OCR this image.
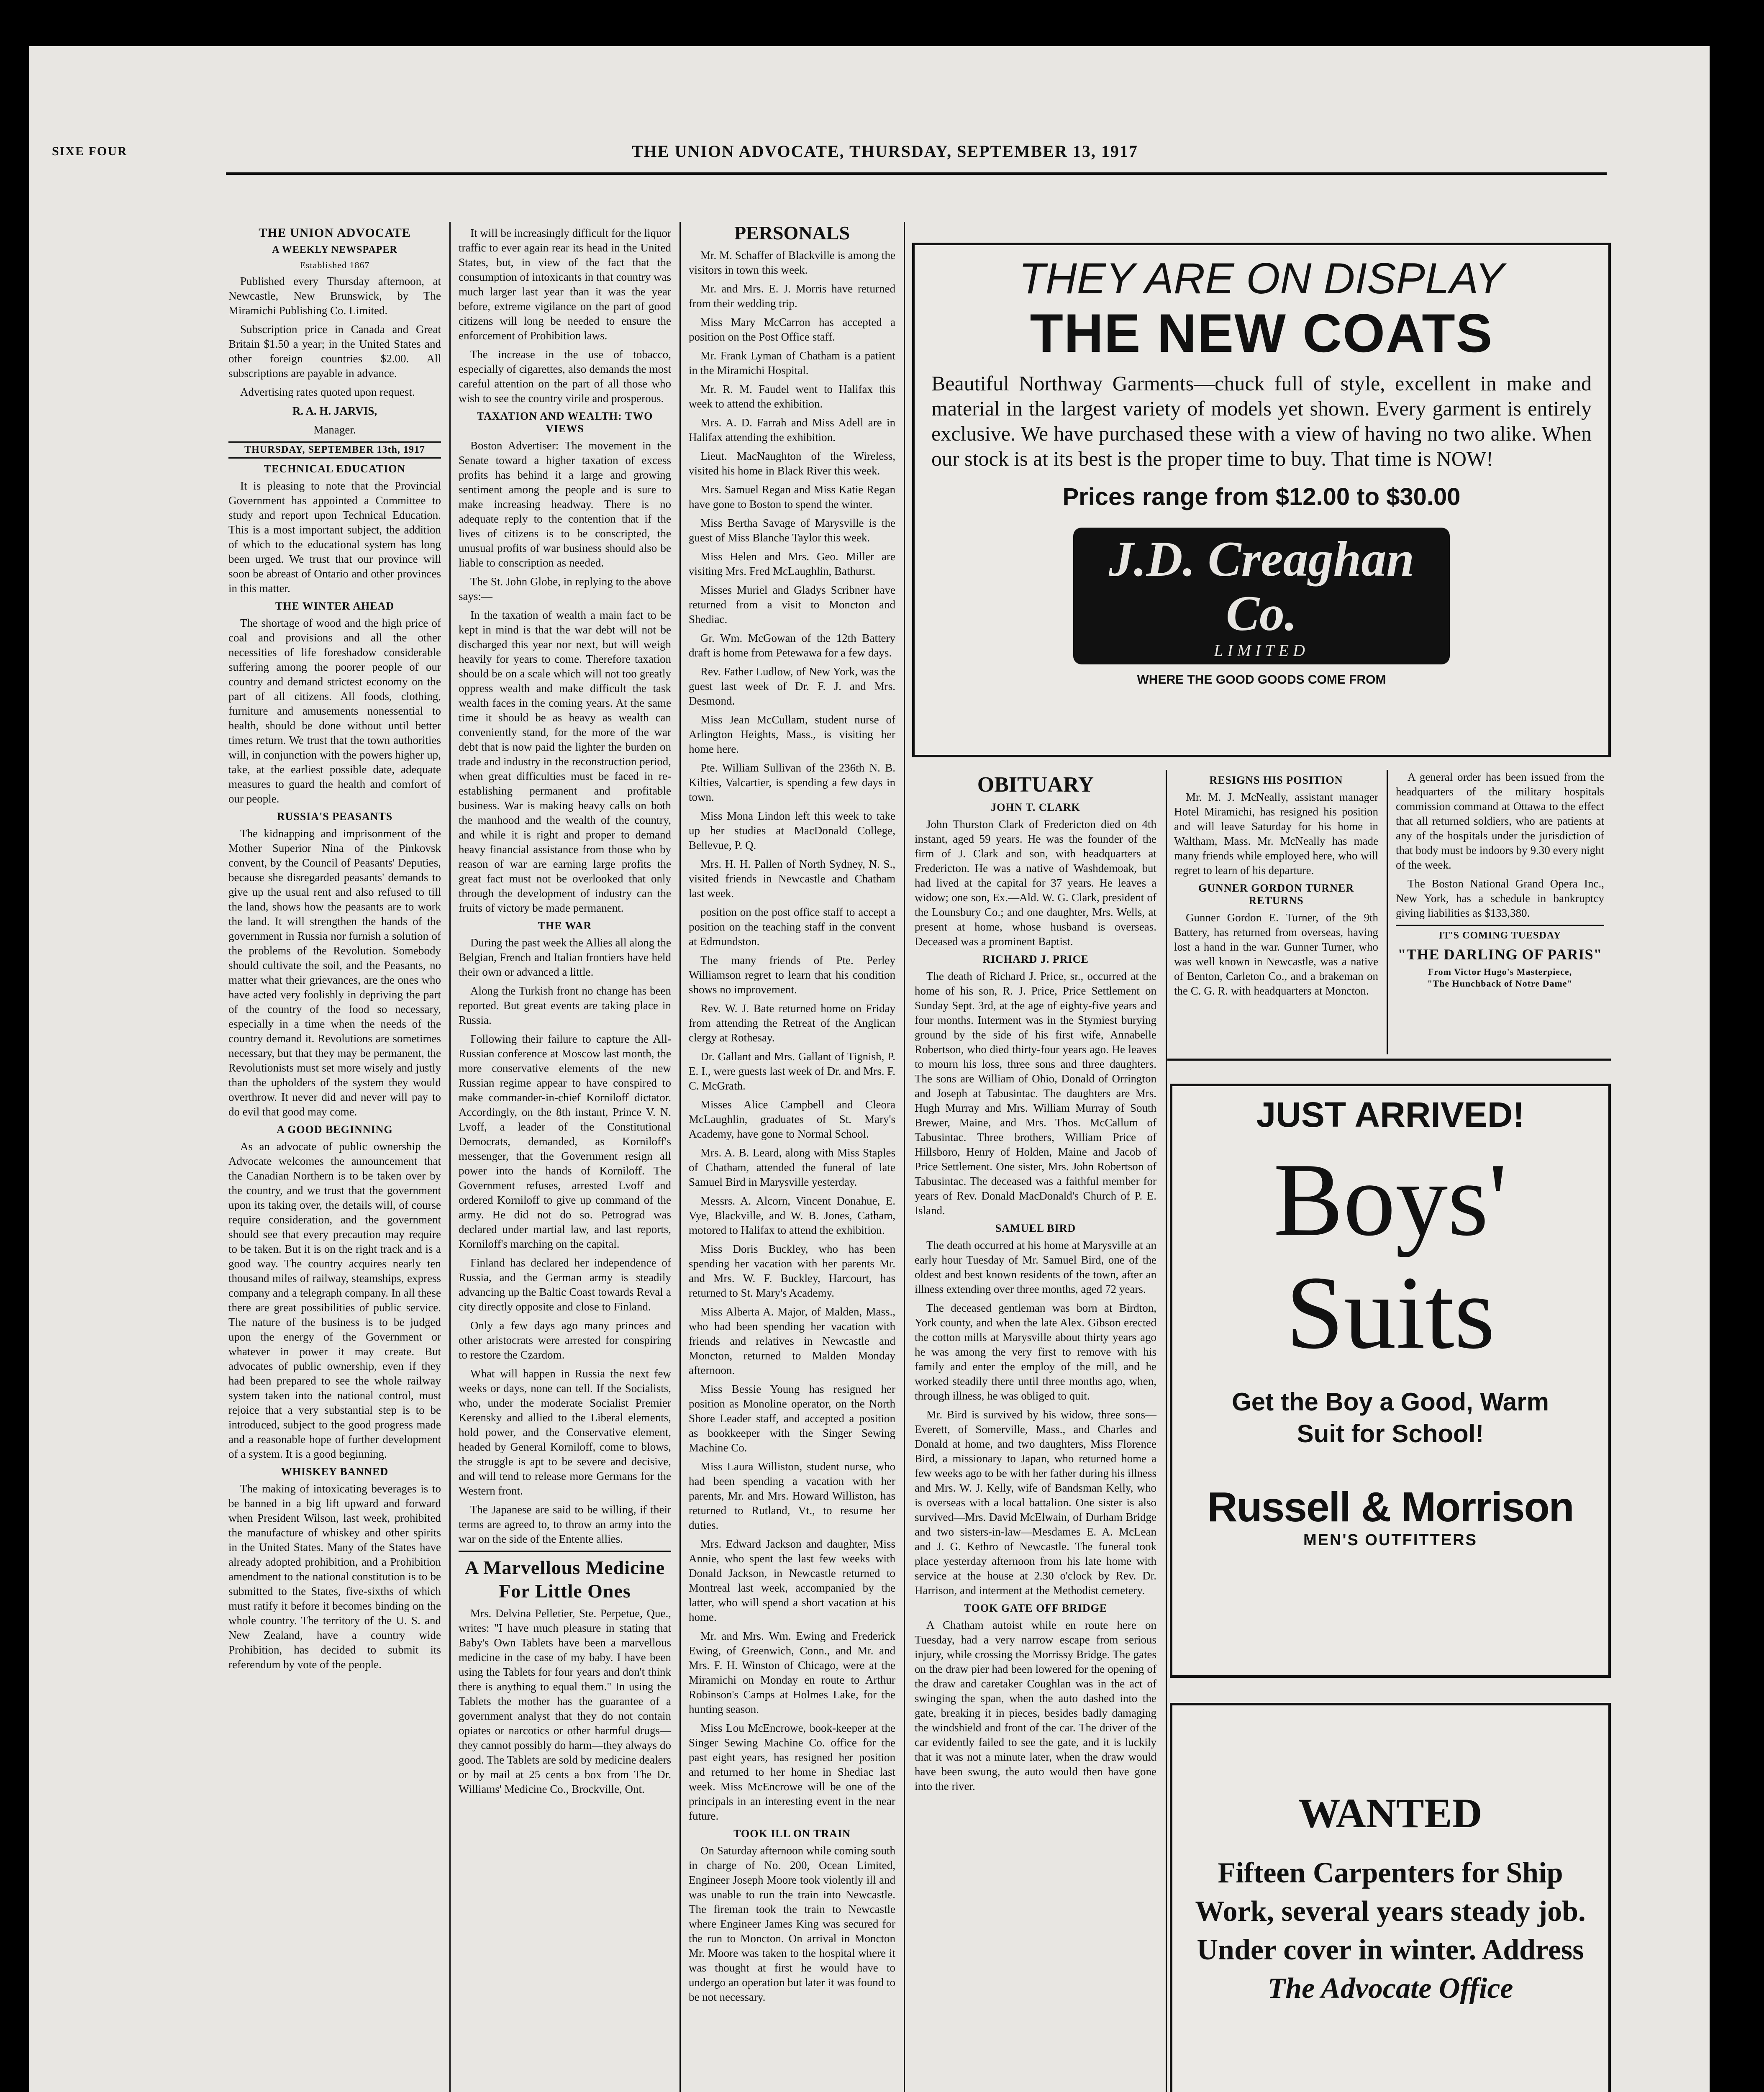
SIXE FOUR	THE UNION ADVOCATE, THURSDAY, SEPTEMBER 13, 1917
THE UNION ADVOCATE
A WEEKLY NEWSPAPER
Established 1867

Published every Thursday afternoon, at Newcastle, New Brunswick, by The Miramichi Publishing Co. Limited.

Subscription price in Canada and Great Britain $1.50 a year; in the United States and other foreign countries $2.00. All subscriptions are payable in advance.

Advertising rates quoted upon request.

R. A. H. JARVIS,

Manager.

THURSDAY, SEPTEMBER 13th, 1917
TECHNICAL EDUCATION

It is pleasing to note that the Provincial Government has appointed a Committee to study and report upon Technical Education. This is a most important subject, the addition of which to the educational system has long been urged. We trust that our province will soon be abreast of Ontario and other provinces in this matter.

THE WINTER AHEAD

The shortage of wood and the high price of coal and provisions and all the other necessities of life foreshadow considerable suffering among the poorer people of our country and demand strictest economy on the part of all citizens. All foods, clothing, furniture and amusements nonessential to health, should be done without until better times return. We trust that the town authorities will, in conjunction with the powers higher up, take, at the earliest possible date, adequate measures to guard the health and comfort of our people.

RUSSIA'S PEASANTS

The kidnapping and imprisonment of the Mother Superior Nina of the Pinkovsk convent, by the Council of Peasants' Deputies, because she disregarded peasants' demands to give up the usual rent and also refused to till the land, shows how the peasants are to work the land. It will strengthen the hands of the government in Russia nor furnish a solution of the problems of the Revolution. Somebody should cultivate the soil, and the Peasants, no matter what their grievances, are the ones who have acted very foolishly in depriving the part of the country of the food so necessary, especially in a time when the needs of the country demand it. Revolutions are sometimes necessary, but that they may be permanent, the Revolutionists must set more wisely and justly than the upholders of the system they would overthrow. It never did and never will pay to do evil that good may come.

A GOOD BEGINNING

As an advocate of public ownership the Advocate welcomes the announcement that the Canadian Northern is to be taken over by the country, and we trust that the government upon its taking over, the details will, of course require consideration, and the government should see that every precaution may require to be taken. But it is on the right track and is a good way. The country acquires nearly ten thousand miles of railway, steamships, express company and a telegraph company. In all these there are great possibilities of public service. The nature of the business is to be judged upon the energy of the Government or whatever in power it may create. But advocates of public ownership, even if they had been prepared to see the whole railway system taken into the national control, must rejoice that a very substantial step is to be introduced, subject to the good progress made and a reasonable hope of further development of a system. It is a good beginning.

WHISKEY BANNED

The making of intoxicating beverages is to be banned in a big lift upward and forward when President Wilson, last week, prohibited the manufacture of whiskey and other spirits in the United States. Many of the States have already adopted prohibition, and a Prohibition amendment to the national constitution is to be submitted to the States, five-sixths of which must ratify it before it becomes binding on the whole country. The territory of the U. S. and New Zealand, have a country wide Prohibition, has decided to submit its referendum by vote of the people.

It will be increasingly difficult for the liquor traffic to ever again rear its head in the United States, but, in view of the fact that the consumption of intoxicants in that country was much larger last year than it was the year before, extreme vigilance on the part of good citizens will long be needed to ensure the enforcement of Prohibition laws.

The increase in the use of tobacco, especially of cigarettes, also demands the most careful attention on the part of all those who wish to see the country virile and prosperous.

TAXATION AND WEALTH: TWO VIEWS

Boston Advertiser: The movement in the Senate toward a higher taxation of excess profits has behind it a large and growing sentiment among the people and is sure to make increasing headway. There is no adequate reply to the contention that if the lives of citizens is to be conscripted, the unusual profits of war business should also be liable to conscription as needed.

The St. John Globe, in replying to the above says:—

In the taxation of wealth a main fact to be kept in mind is that the war debt will not be discharged this year nor next, but will weigh heavily for years to come. Therefore taxation should be on a scale which will not too greatly oppress wealth and make difficult the task wealth faces in the coming years. At the same time it should be as heavy as wealth can conveniently stand, for the more of the war debt that is now paid the lighter the burden on trade and industry in the reconstruction period, when great difficulties must be faced in re-establishing permanent and profitable business. War is making heavy calls on both the manhood and the wealth of the country, and while it is right and proper to demand heavy financial assistance from those who by reason of war are earning large profits the great fact must not be overlooked that only through the development of industry can the fruits of victory be made permanent.

THE WAR

During the past week the Allies all along the Belgian, French and Italian frontiers have held their own or advanced a little.

Along the Turkish front no change has been reported. But great events are taking place in Russia.

Following their failure to capture the All-Russian conference at Moscow last month, the more conservative elements of the new Russian regime appear to have conspired to make commander-in-chief Korniloff dictator. Accordingly, on the 8th instant, Prince V. N. Lvoff, a leader of the Constitutional Democrats, demanded, as Korniloff's messenger, that the Government resign all power into the hands of Korniloff. The Government refuses, arrested Lvoff and ordered Korniloff to give up command of the army. He did not do so. Petrograd was declared under martial law, and last reports, Korniloff's marching on the capital.

Finland has declared her independence of Russia, and the German army is steadily advancing up the Baltic Coast towards Reval a city directly opposite and close to Finland.

Only a few days ago many princes and other aristocrats were arrested for conspiring to restore the Czardom.

What will happen in Russia the next few weeks or days, none can tell. If the Socialists, who, under the moderate Socialist Premier Kerensky and allied to the Liberal elements, hold power, and the Conservative element, headed by General Korniloff, come to blows, the struggle is apt to be severe and decisive, and will tend to release more Germans for the Western front.

The Japanese are said to be willing, if their terms are agreed to, to throw an army into the war on the side of the Entente allies.

A Marvellous Medicine For Little Ones

Mrs. Delvina Pelletier, Ste. Perpetue, Que., writes: "I have much pleasure in stating that Baby's Own Tablets have been a marvellous medicine in the case of my baby. I have been using the Tablets for four years and don't think there is anything to equal them." In using the Tablets the mother has the guarantee of a government analyst that they do not contain opiates or narcotics or other harmful drugs—they cannot possibly do harm—they always do good. The Tablets are sold by medicine dealers or by mail at 25 cents a box from The Dr. Williams' Medicine Co., Brockville, Ont.

PERSONALS

Mr. M. Schaffer of Blackville is among the visitors in town this week.

Mr. and Mrs. E. J. Morris have returned from their wedding trip.

Miss Mary McCarron has accepted a position on the Post Office staff.

Mr. Frank Lyman of Chatham is a patient in the Miramichi Hospital.

Mr. R. M. Faudel went to Halifax this week to attend the exhibition.

Mrs. A. D. Farrah and Miss Adell are in Halifax attending the exhibition.

Lieut. MacNaughton of the Wireless, visited his home in Black River this week.

Mrs. Samuel Regan and Miss Katie Regan have gone to Boston to spend the winter.

Miss Bertha Savage of Marysville is the guest of Miss Blanche Taylor this week.

Miss Helen and Mrs. Geo. Miller are visiting Mrs. Fred McLaughlin, Bathurst.

Misses Muriel and Gladys Scribner have returned from a visit to Moncton and Shediac.

Gr. Wm. McGowan of the 12th Battery draft is home from Petewawa for a few days.

Rev. Father Ludlow, of New York, was the guest last week of Dr. F. J. and Mrs. Desmond.

Miss Jean McCullam, student nurse of Arlington Heights, Mass., is visiting her home here.

Pte. William Sullivan of the 236th N. B. Kilties, Valcartier, is spending a few days in town.

Miss Mona Lindon left this week to take up her studies at MacDonald College, Bellevue, P. Q.

Mrs. H. H. Pallen of North Sydney, N. S., visited friends in Newcastle and Chatham last week.

position on the post office staff to accept a position on the teaching staff in the convent at Edmundston.

The many friends of Pte. Perley Williamson regret to learn that his condition shows no improvement.

Rev. W. J. Bate returned home on Friday from attending the Retreat of the Anglican clergy at Rothesay.

Dr. Gallant and Mrs. Gallant of Tignish, P. E. I., were guests last week of Dr. and Mrs. F. C. McGrath.

Misses Alice Campbell and Cleora McLaughlin, graduates of St. Mary's Academy, have gone to Normal School.

Mrs. A. B. Leard, along with Miss Staples of Chatham, attended the funeral of late Samuel Bird in Marysville yesterday.

Messrs. A. Alcorn, Vincent Donahue, E. Vye, Blackville, and W. B. Jones, Catham, motored to Halifax to attend the exhibition.

Miss Doris Buckley, who has been spending her vacation with her parents Mr. and Mrs. W. F. Buckley, Harcourt, has returned to St. Mary's Academy.

Miss Alberta A. Major, of Malden, Mass., who had been spending her vacation with friends and relatives in Newcastle and Moncton, returned to Malden Monday afternoon.

Miss Bessie Young has resigned her position as Monoline operator, on the North Shore Leader staff, and accepted a position as bookkeeper with the Singer Sewing Machine Co.

Miss Laura Williston, student nurse, who had been spending a vacation with her parents, Mr. and Mrs. Howard Williston, has returned to Rutland, Vt., to resume her duties.

Mrs. Edward Jackson and daughter, Miss Annie, who spent the last few weeks with Donald Jackson, in Newcastle returned to Montreal last week, accompanied by the latter, who will spend a short vacation at his home.

Mr. and Mrs. Wm. Ewing and Frederick Ewing, of Greenwich, Conn., and Mr. and Mrs. F. H. Winston of Chicago, were at the Miramichi on Monday en route to Arthur Robinson's Camps at Holmes Lake, for the hunting season.

Miss Lou McEncrowe, book-keeper at the Singer Sewing Machine Co. office for the past eight years, has resigned her position and returned to her home in Shediac last week. Miss McEncrowe will be one of the principals in an interesting event in the near future.

TOOK ILL ON TRAIN

On Saturday afternoon while coming south in charge of No. 200, Ocean Limited, Engineer Joseph Moore took violently ill and was unable to run the train into Newcastle. The fireman took the train to Newcastle where Engineer James King was secured for the run to Moncton. On arrival in Moncton Mr. Moore was taken to the hospital where it was thought at first he would have to undergo an operation but later it was found to be not necessary.

THEY ARE ON DISPLAY
THE NEW COATS
Beautiful Northway Garments—chuck full of style, excellent in make and material in the largest variety of models yet shown. Every garment is entirely exclusive. We have purchased these with a view of having no two alike. When our stock is at its best is the proper time to buy. That time is NOW!
Prices range from $12.00 to $30.00
J.D. Creaghan Co.
LIMITED
WHERE THE GOOD GOODS COME FROM
OBITUARY
JOHN T. CLARK

John Thurston Clark of Fredericton died on 4th instant, aged 59 years. He was the founder of the firm of J. Clark and son, with headquarters at Fredericton. He was a native of Washdemoak, but had lived at the capital for 37 years. He leaves a widow; one son, Ex.—Ald. W. G. Clark, president of the Lounsbury Co.; and one daughter, Mrs. Wells, at present at home, whose husband is overseas. Deceased was a prominent Baptist.

RICHARD J. PRICE

The death of Richard J. Price, sr., occurred at the home of his son, R. J. Price, Price Settlement on Sunday Sept. 3rd, at the age of eighty-five years and four months. Interment was in the Stymiest burying ground by the side of his first wife, Annabelle Robertson, who died thirty-four years ago. He leaves to mourn his loss, three sons and three daughters. The sons are William of Ohio, Donald of Orrington and Joseph at Tabusintac. The daughters are Mrs. Hugh Murray and Mrs. William Murray of South Brewer, Maine, and Mrs. Thos. McCallum of Tabusintac. Three brothers, William Price of Hillsboro, Henry of Holden, Maine and Jacob of Price Settlement. One sister, Mrs. John Robertson of Tabusintac. The deceased was a faithful member for years of Rev. Donald MacDonald's Church of P. E. Island.

SAMUEL BIRD

The death occurred at his home at Marysville at an early hour Tuesday of Mr. Samuel Bird, one of the oldest and best known residents of the town, after an illness extending over three months, aged 72 years.

The deceased gentleman was born at Birdton, York county, and when the late Alex. Gibson erected the cotton mills at Marysville about thirty years ago he was among the very first to remove with his family and enter the employ of the mill, and he worked steadily there until three months ago, when, through illness, he was obliged to quit.

Mr. Bird is survived by his widow, three sons—Everett, of Somerville, Mass., and Charles and Donald at home, and two daughters, Miss Florence Bird, a missionary to Japan, who returned home a few weeks ago to be with her father during his illness and Mrs. W. J. Kelly, wife of Bandsman Kelly, who is overseas with a local battalion. One sister is also survived—Mrs. David McElwain, of Durham Bridge and two sisters-in-law—Mesdames E. A. McLean and J. G. Kethro of Newcastle. The funeral took place yesterday afternoon from his late home with service at the house at 2.30 o'clock by Rev. Dr. Harrison, and interment at the Methodist cemetery.

TOOK GATE OFF BRIDGE

A Chatham autoist while en route here on Tuesday, had a very narrow escape from serious injury, while crossing the Morrissy Bridge. The gates on the draw pier had been lowered for the opening of the draw and caretaker Coughlan was in the act of swinging the span, when the auto dashed into the gate, breaking it in pieces, besides badly damaging the windshield and front of the car. The driver of the car evidently failed to see the gate, and it is luckily that it was not a minute later, when the draw would have been swung, the auto would then have gone into the river.

RESIGNS HIS POSITION

Mr. M. J. McNeally, assistant manager Hotel Miramichi, has resigned his position and will leave Saturday for his home in Waltham, Mass. Mr. McNeally has made many friends while employed here, who will regret to learn of his departure.

GUNNER GORDON TURNER RETURNS

Gunner Gordon E. Turner, of the 9th Battery, has returned from overseas, having lost a hand in the war. Gunner Turner, who was well known in Newcastle, was a native of Benton, Carleton Co., and a brakeman on the C. G. R. with headquarters at Moncton.

A general order has been issued from the headquarters of the military hospitals commission command at Ottawa to the effect that all returned soldiers, who are patients at any of the hospitals under the jurisdiction of that body must be indoors by 9.30 every night of the week.

The Boston National Grand Opera Inc., New York, has a schedule in bankruptcy giving liabilities as $133,380.

IT'S COMING TUESDAY
"THE DARLING OF PARIS"
From Victor Hugo's Masterpiece,
"The Hunchback of Notre Dame"
JUST ARRIVED!
Boys'
Suits
Get the Boy a Good, Warm Suit for School!
Russell & Morrison
MEN'S OUTFITTERS
WANTED
Fifteen Carpenters for Ship Work, several years steady job. Under cover in winter. Address
The Advocate Office
